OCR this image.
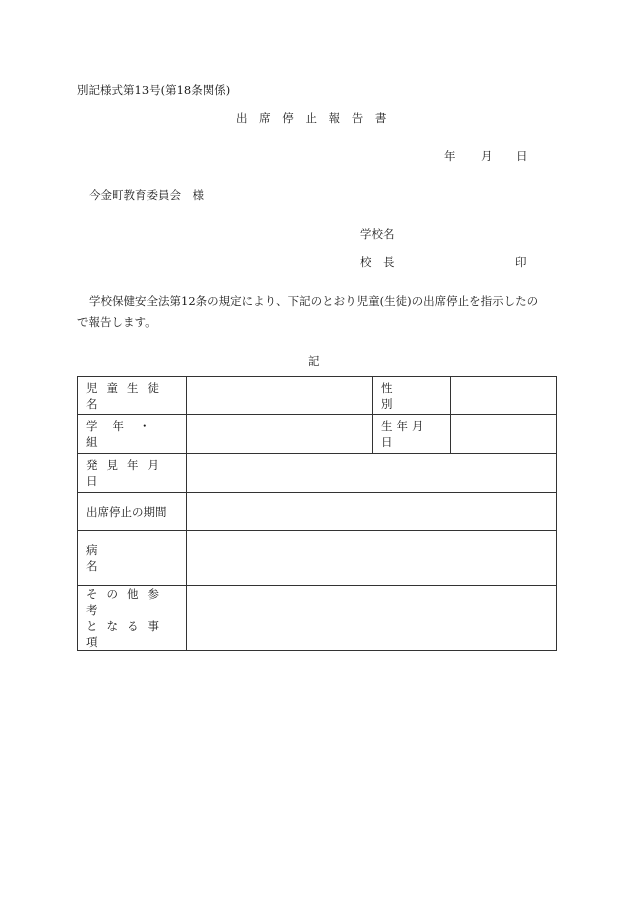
別記様式第13号(第18条関係)
出 席 停 止 報 告 書
年 月 日
今金町教育委員会　様
学校名
校　長	印
学校保健安全法第12条の規定により、下記のとおり児童(生徒)の出席停止を指示したの
で報告します。
記
児童生徒名		性別	
学年・組		生年月日	
発見年月日			
出席停止の期間			
病名			

その他参考
となる事項			
